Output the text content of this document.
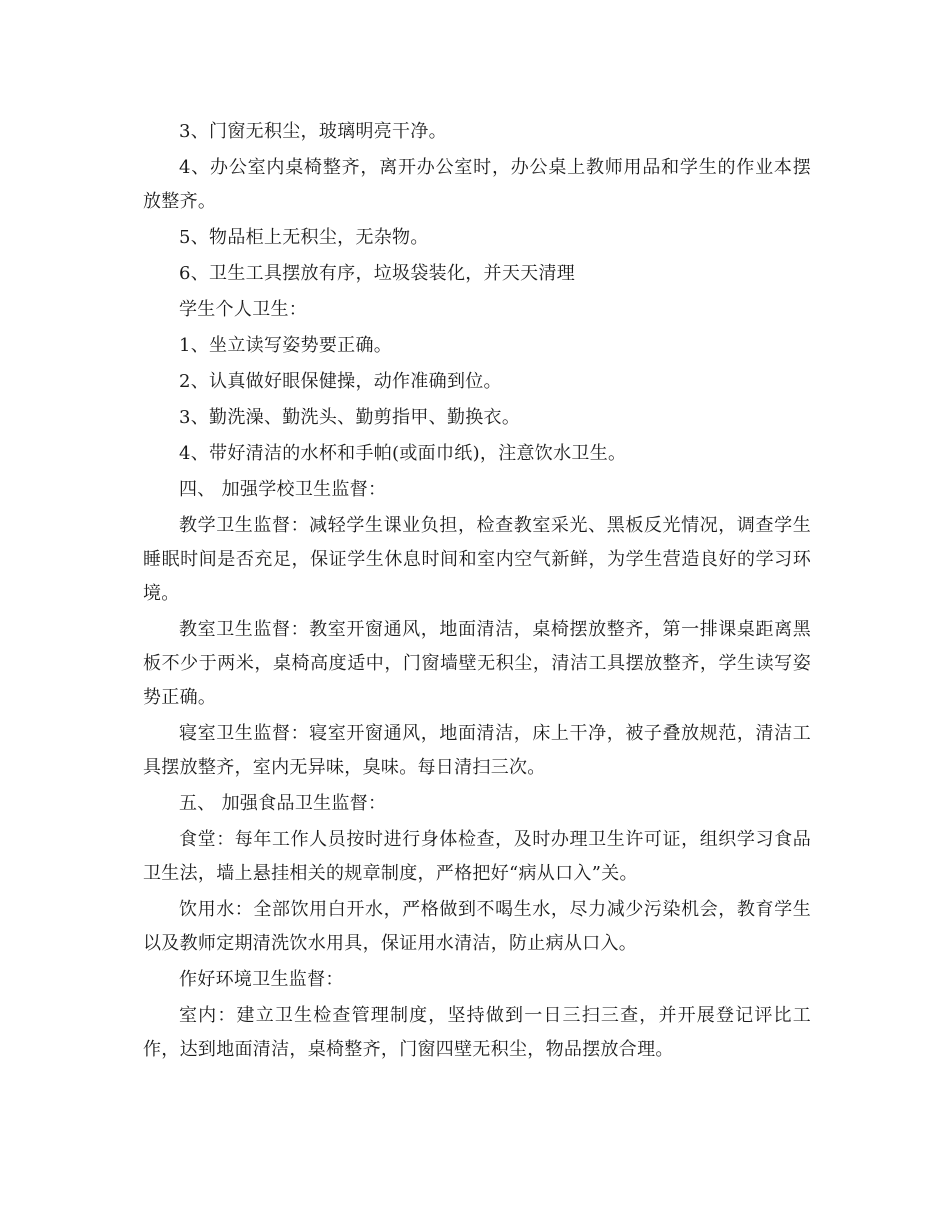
3、门窗无积尘，玻璃明亮干净。

4、办公室内桌椅整齐，离开办公室时，办公桌上教师用品和学生的作业本摆放整齐。

5、物品柜上无积尘，无杂物。

6、卫生工具摆放有序，垃圾袋装化，并天天清理

学生个人卫生：

1、坐立读写姿势要正确。

2、认真做好眼保健操，动作准确到位。

3、勤洗澡、勤洗头、勤剪指甲、勤换衣。

4、带好清洁的水杯和手帕(或面巾纸)，注意饮水卫生。

四、 加强学校卫生监督：

教学卫生监督：减轻学生课业负担，检查教室采光、黑板反光情况，调查学生睡眠时间是否充足，保证学生休息时间和室内空气新鲜，为学生营造良好的学习环境。

教室卫生监督：教室开窗通风，地面清洁，桌椅摆放整齐，第一排课桌距离黑板不少于两米，桌椅高度适中，门窗墙壁无积尘，清洁工具摆放整齐，学生读写姿势正确。

寝室卫生监督：寝室开窗通风，地面清洁，床上干净，被子叠放规范，清洁工具摆放整齐，室内无异味，臭味。每日清扫三次。

五、 加强食品卫生监督：

食堂：每年工作人员按时进行身体检查，及时办理卫生许可证，组织学习食品卫生法，墙上悬挂相关的规章制度，严格把好“病从口入”关。

饮用水：全部饮用白开水，严格做到不喝生水，尽力减少污染机会，教育学生以及教师定期清洗饮水用具，保证用水清洁，防止病从口入。

作好环境卫生监督：

室内：建立卫生检查管理制度，坚持做到一日三扫三查，并开展登记评比工作，达到地面清洁，桌椅整齐，门窗四壁无积尘，物品摆放合理。
